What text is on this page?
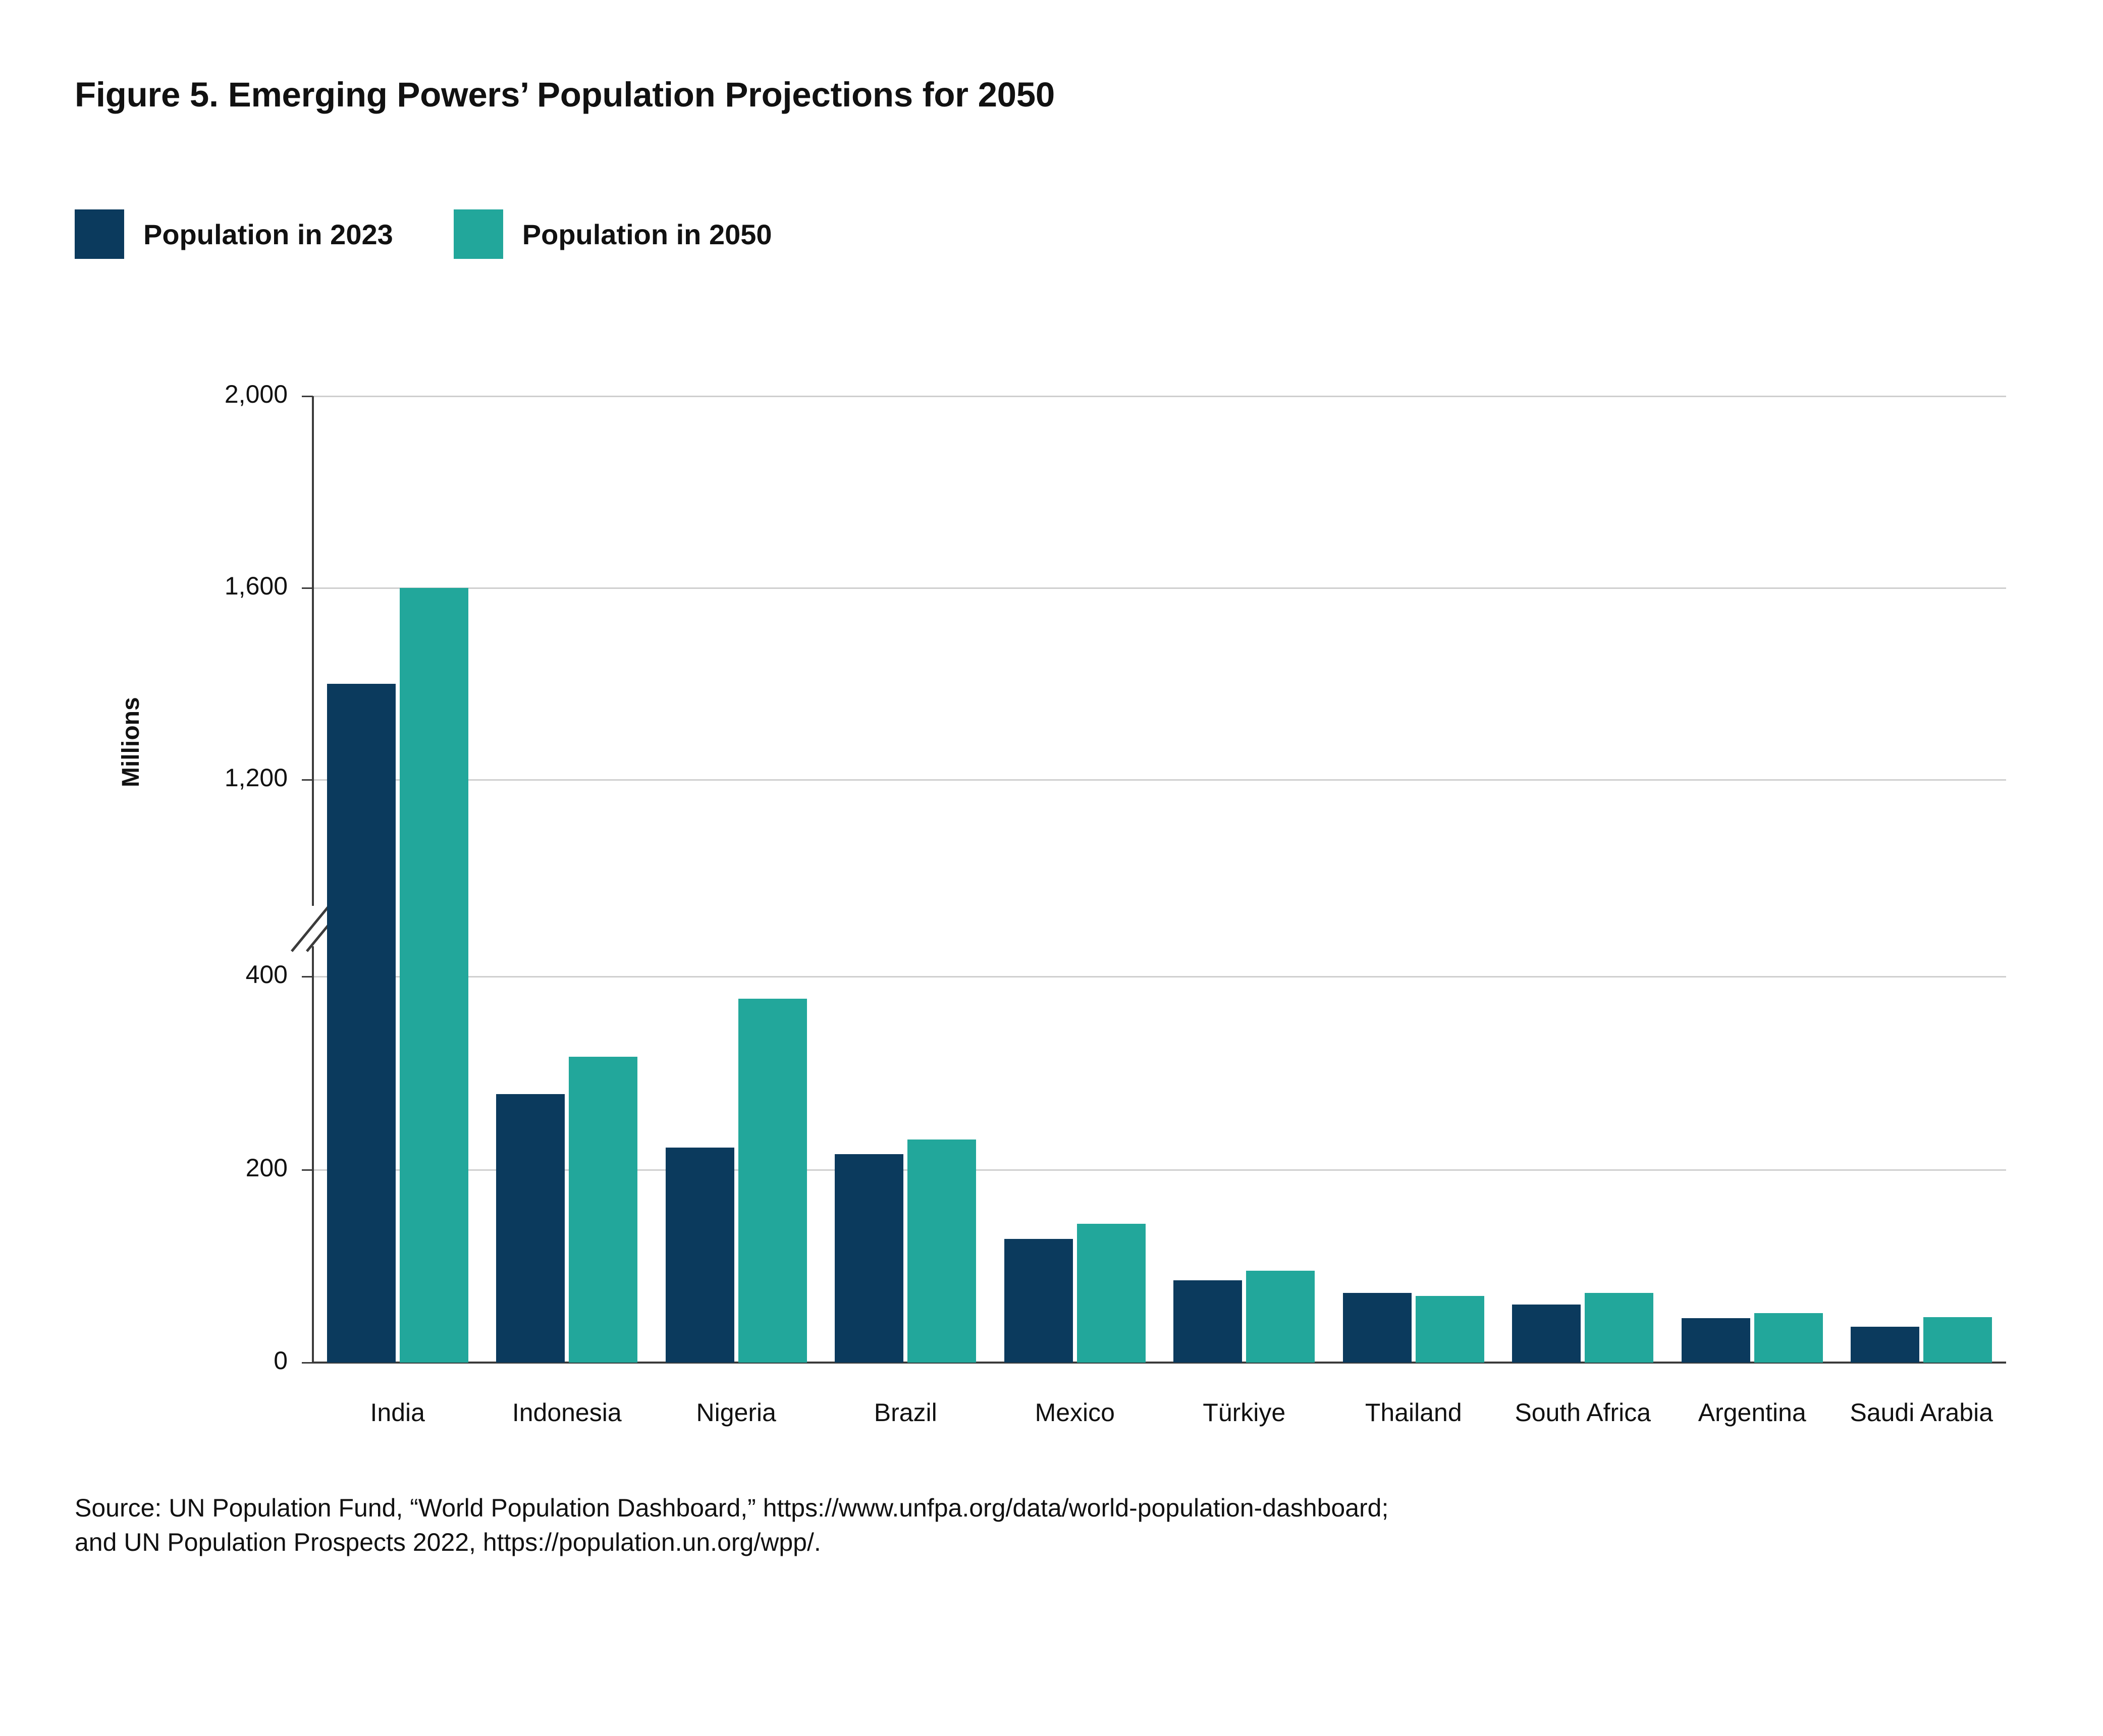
Figure 5. Emerging Powers’ Population Projections for 2050
Population in 2023	Population in 2050
Millions
0
200
400
1,200
1,600
2,000
India	Indonesia	Nigeria	Brazil	Mexico	Türkiye	Thailand	South Africa	Argentina	Saudi Arabia
Source: UN Population Fund, “World Population Dashboard,” https://www.unfpa.org/data/world-population-dashboard;
and UN Population Prospects 2022, https://population.un.org/wpp/.
